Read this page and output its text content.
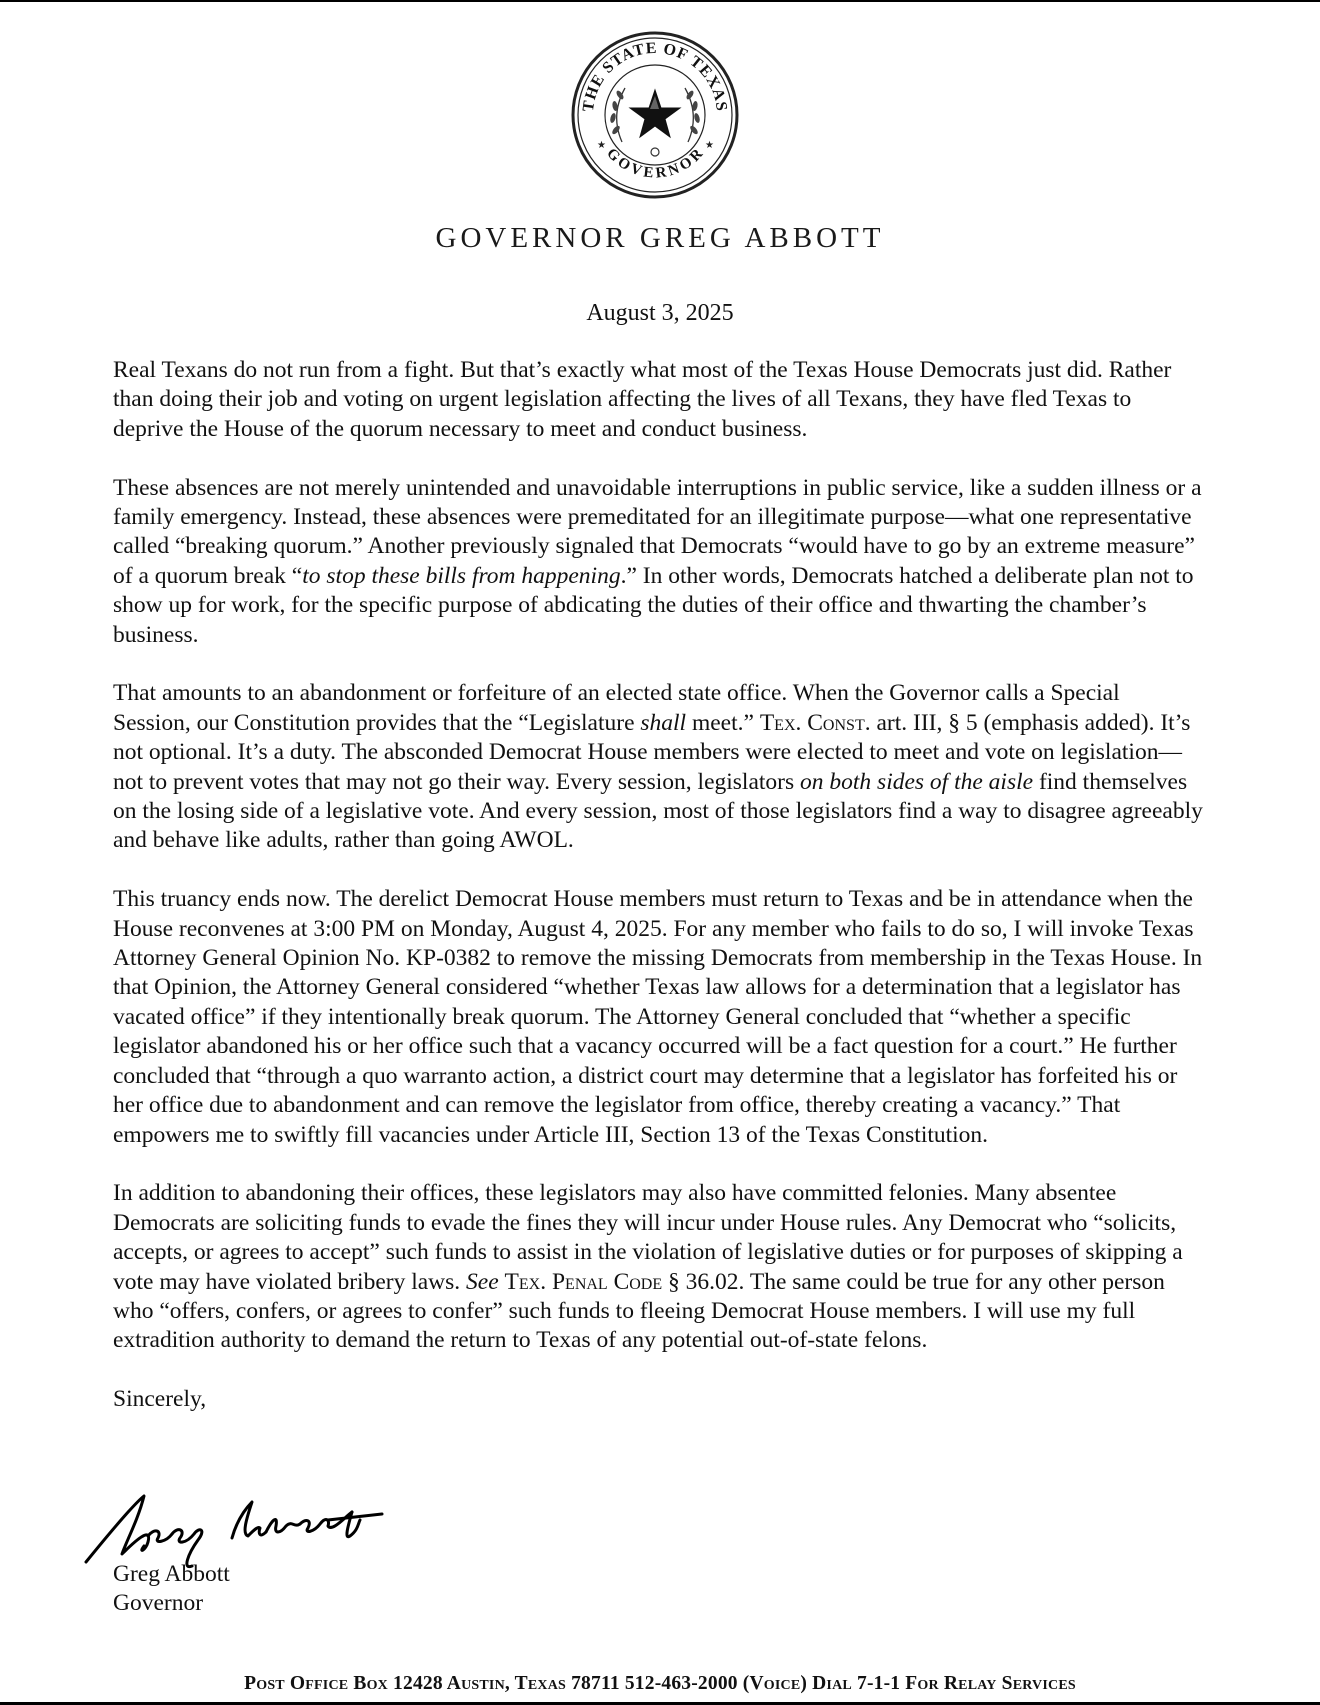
THE STATE OF TEXAS
GOVERNOR
★	★
GOVERNOR GREG ABBOTT
August 3, 2025

Real Texans do not run from a fight. But that’s exactly what most of the Texas House Democrats just did. Rather than doing their job and voting on urgent legislation affecting the lives of all Texans, they have fled Texas to deprive the House of the quorum necessary to meet and conduct business.

These absences are not merely unintended and unavoidable interruptions in public service, like a sudden illness or a family emergency. Instead, these absences were premeditated for an illegitimate purpose—what one representative called “breaking quorum.” Another previously signaled that Democrats “would have to go by an extreme measure” of a quorum break “to stop these bills from happening.” In other words, Democrats hatched a deliberate plan not to show up for work, for the specific purpose of abdicating the duties of their office and thwarting the chamber’s business.

That amounts to an abandonment or forfeiture of an elected state office. When the Governor calls a Special Session, our Constitution provides that the “Legislature shall meet.” Tex. Const. art. III, § 5 (emphasis added). It’s not optional. It’s a duty. The absconded Democrat House members were elected to meet and vote on legislation—not to prevent votes that may not go their way. Every session, legislators on both sides of the aisle find themselves on the losing side of a legislative vote. And every session, most of those legislators find a way to disagree agreeably and behave like adults, rather than going AWOL.

This truancy ends now. The derelict Democrat House members must return to Texas and be in attendance when the House reconvenes at 3:00 PM on Monday, August 4, 2025. For any member who fails to do so, I will invoke Texas Attorney General Opinion No. KP-0382 to remove the missing Democrats from membership in the Texas House. In that Opinion, the Attorney General considered “whether Texas law allows for a determination that a legislator has vacated office” if they intentionally break quorum. The Attorney General concluded that “whether a specific legislator abandoned his or her office such that a vacancy occurred will be a fact question for a court.” He further concluded that “through a quo warranto action, a district court may determine that a legislator has forfeited his or her office due to abandonment and can remove the legislator from office, thereby creating a vacancy.” That empowers me to swiftly fill vacancies under Article III, Section 13 of the Texas Constitution.

In addition to abandoning their offices, these legislators may also have committed felonies. Many absentee Democrats are soliciting funds to evade the fines they will incur under House rules. Any Democrat who “solicits, accepts, or agrees to accept” such funds to assist in the violation of legislative duties or for purposes of skipping a vote may have violated bribery laws. See Tex. Penal Code § 36.02. The same could be true for any other person who “offers, confers, or agrees to confer” such funds to fleeing Democrat House members. I will use my full extradition authority to demand the return to Texas of any potential out-of-state felons.

Sincerely,

Greg Abbott
Governor
Post Office Box 12428 Austin, Texas 78711 512-463-2000 (Voice) Dial 7-1-1 For Relay Services
